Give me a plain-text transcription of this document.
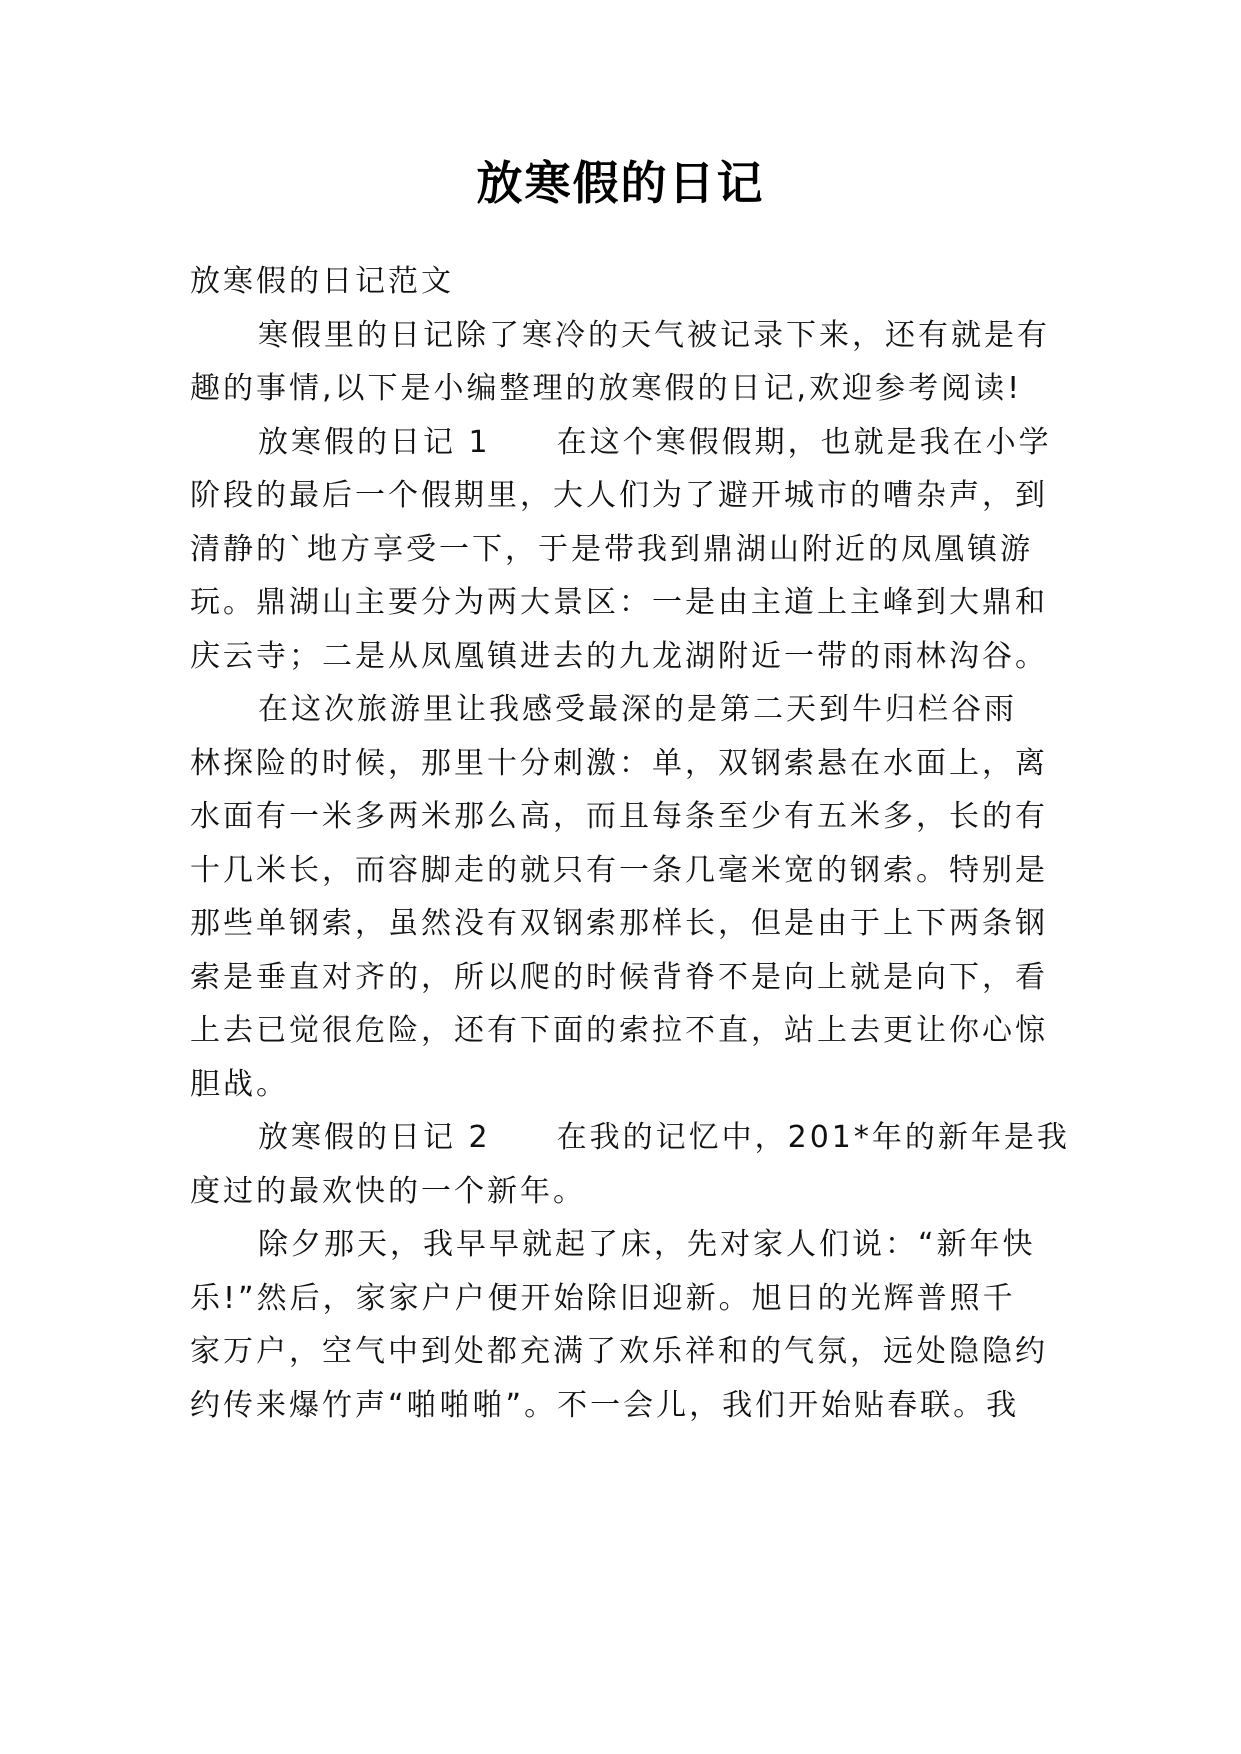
放寒假的日记
放寒假的日记范文
寒假里的日记除了寒冷的天气被记录下来，还有就是有
趣的事情,以下是小编整理的放寒假的日记,欢迎参考阅读!
放寒假的日记 1　　在这个寒假假期，也就是我在小学
阶段的最后一个假期里，大人们为了避开城市的嘈杂声，到
清静的`地方享受一下，于是带我到鼎湖山附近的凤凰镇游
玩。鼎湖山主要分为两大景区：一是由主道上主峰到大鼎和
庆云寺；二是从凤凰镇进去的九龙湖附近一带的雨林沟谷。
在这次旅游里让我感受最深的是第二天到牛归栏谷雨
林探险的时候，那里十分刺激：单，双钢索悬在水面上，离
水面有一米多两米那么高，而且每条至少有五米多，长的有
十几米长，而容脚走的就只有一条几毫米宽的钢索。特别是
那些单钢索，虽然没有双钢索那样长，但是由于上下两条钢
索是垂直对齐的，所以爬的时候背脊不是向上就是向下，看
上去已觉很危险，还有下面的索拉不直，站上去更让你心惊
胆战。
放寒假的日记 2　　在我的记忆中，201*年的新年是我
度过的最欢快的一个新年。
除夕那天，我早早就起了床，先对家人们说：“新年快
乐!”然后，家家户户便开始除旧迎新。旭日的光辉普照千
家万户，空气中到处都充满了欢乐祥和的气氛，远处隐隐约
约传来爆竹声“啪啪啪”。不一会儿，我们开始贴春联。我
